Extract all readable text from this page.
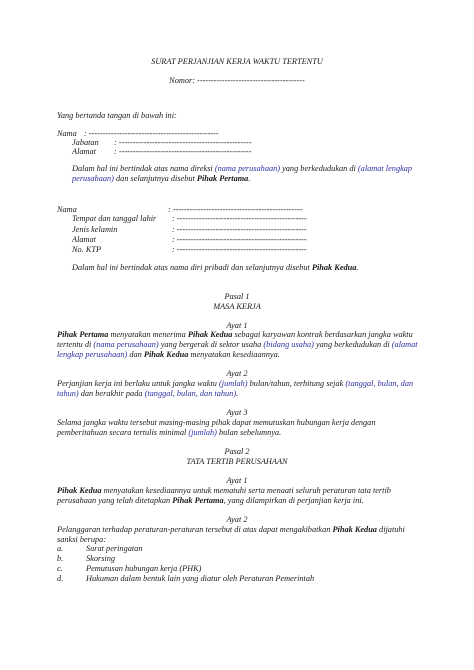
SURAT PERJANJIAN KERJA WAKTU TERTENTU
Nomor: ---------------------------------------
Yang bertanda tangan di bawah ini:
Nama : -----------------------------------------------
Jabatan : ------------------------------------------------
Alamat : ------------------------------------------------
Dalam hal ini bertindak atas nama direksi (nama perusahaan) yang berkedudukan di (alamat lengkap
perusahaan) dan selanjutnya disebut Pihak Pertama.
Nama	: -----------------------------------------------
Tempat dan tanggal lahir : -----------------------------------------------
Jenis kelamin	: -----------------------------------------------
Alamat	: -----------------------------------------------
No. KTP	: -----------------------------------------------
Dalam hal ini bertindak atas nama diri pribadi dan selanjutnya disebut Pihak Kedua.
Pasal 1
MASA KERJA
Ayat 1
Pihak Pertama menyatakan menerima Pihak Kedua sebagai karyawan kontrak berdasarkan jangka waktu
tertentu di (nama perusahaan) yang bergerak di sektor usaha (bidang usaha) yang berkedudukan di (alamat
lengkap perusahaan) dan Pihak Kedua menyatakan kesediaannya.
Ayat 2
Perjanjian kerja ini berlaku untuk jangka waktu (jumlah) bulan/tahun, terhitung sejak (tanggal, bulan, dan
tahun) dan berakhir pada (tanggal, bulan, dan tahun).
Ayat 3
Selama jangka waktu tersebut masing-masing pihak dapat memutuskan hubungan kerja dengan
pemberitahuan secara tertulis minimal (jumlah) bulan sebelumnya.
Pasal 2
TATA TERTIB PERUSAHAAN
Ayat 1
Pihak Kedua menyatakan kesediaannya untuk mematuhi serta menaati seluruh peraturan tata tertib
perusahaan yang telah ditetapkan Pihak Pertama, yang dilampirkan di perjanjian kerja ini.
Ayat 2
Pelanggaran terhadap peraturan-peraturan tersebut di atas dapat mengakibatkan Pihak Kedua dijatuhi
sanksi berupa:
a.	Surat peringatan
b.	Skorsing
c.	Pemutusan hubungan kerja (PHK)
d.	Hukuman dalam bentuk lain yang diatur oleh Peraturan Pemerintah
